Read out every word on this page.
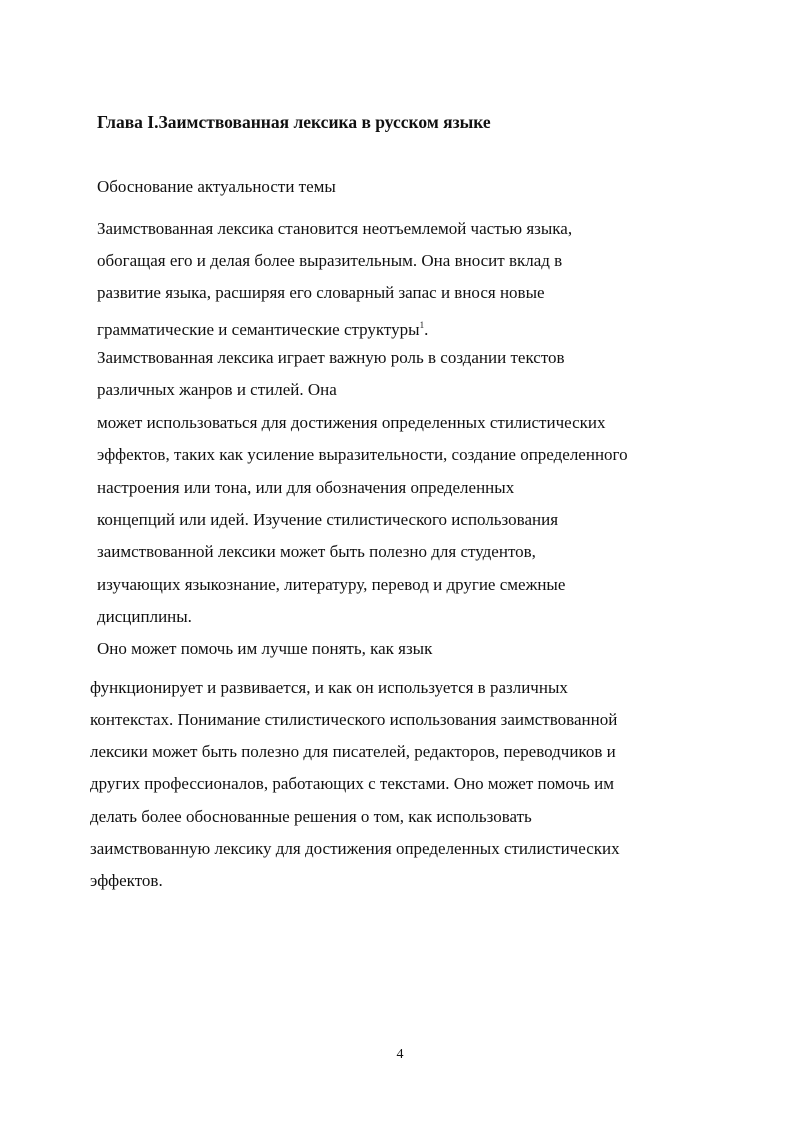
Глава I.Заимствованная лексика в русском языке
Обоснование актуальности темы
Заимствованная лексика становится неотъемлемой частью языка,
обогащая его и делая более выразительным. Она вносит вклад в
развитие языка, расширяя его словарный запас и внося новые
грамматические и семантические структуры$^1$.
Заимствованная лексика играет важную роль в создании текстов
различных жанров и стилей. Она
может использоваться для достижения определенных стилистических
эффектов, таких как усиление выразительности, создание определенного
настроения или тона, или для обозначения определенных
концепций или идей. Изучение стилистического использования
заимствованной лексики может быть полезно для студентов,
изучающих языкознание, литературу, перевод и другие смежные
дисциплины.
Оно может помочь им лучше понять, как язык
функционирует и развивается, и как он используется в различных
контекстах. Понимание стилистического использования заимствованной
лексики может быть полезно для писателей, редакторов, переводчиков и
других профессионалов, работающих с текстами. Оно может помочь им
делать более обоснованные решения о том, как использовать
заимствованную лексику для достижения определенных стилистических
эффектов.
4
